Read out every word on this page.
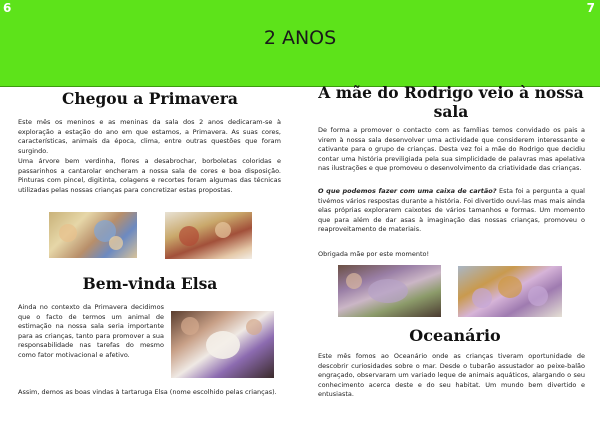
6	7
2 ANOS
Chegou a Primavera

Este mês os meninos e as meninas da sala dos 2 anos dedicaram-se à exploração a estação do ano em que estamos, a Primavera. As suas cores, características, animais da época, clima, entre outras questões que foram surgindo.

Uma árvore bem verdinha, flores a desabrochar, borboletas coloridas e passarinhos a cantarolar encheram a nossa sala de cores e boa disposição. Pinturas com pincel, digitinta, colagens e recortes foram algumas das técnicas utilizadas pelas nossas crianças para concretizar estas propostas.

Bem-vinda Elsa

Ainda no contexto da Primavera decidimos que o facto de termos um animal de estimação na nossa sala seria importante para as crianças, tanto para promover a sua responsabilidade nas tarefas do mesmo como fator motivacional e afetivo.

Assim, demos as boas vindas à tartaruga Elsa (nome escolhido pelas crianças).

A mãe do Rodrigo veio à nossa sala

De forma a promover o contacto com as famílias temos convidado os pais a virem à nossa sala desenvolver uma actividade que considerem interessante e cativante para o grupo de crianças. Desta vez foi a mãe do Rodrigo que decidiu contar uma história previligiada pela sua simplicidade de palavras mas apelativa nas ilustrações e que promoveu o desenvolvimento da criatividade das crianças.

O que podemos fazer com uma caixa de cartão? Esta foi a pergunta a qual tivémos vários respostas durante a história. Foi divertido ouvi-las mas mais ainda elas próprias explorarem caixotes de vários tamanhos e formas. Um momento que para além de dar asas à imaginação das nossas crianças, promoveu o reaproveitamento de materiais.

Obrigada mãe por este momento!

Oceanário

Este mês fomos ao Oceanário onde as crianças tiveram oportunidade de descobrir curiosidades sobre o mar. Desde o tubarão assustador ao peixe-balão engraçado, observaram um variado leque de animais aquáticos, alargando o seu conhecimento acerca deste e do seu habitat. Um mundo bem divertido e entusiasta.
